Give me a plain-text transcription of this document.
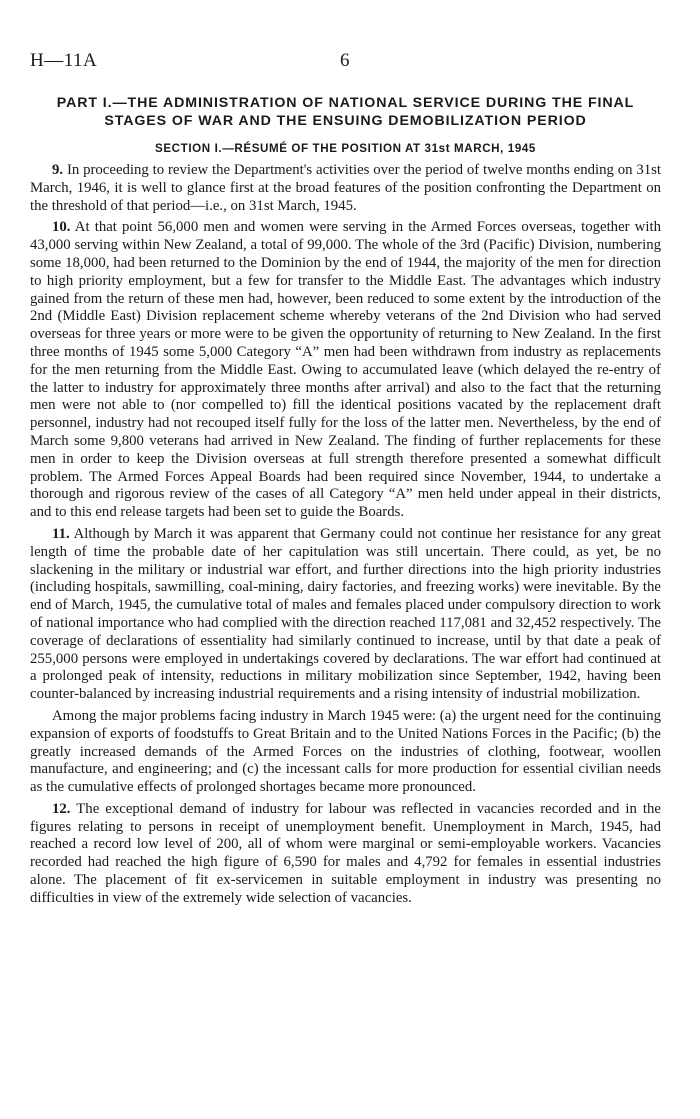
H—11A	6
PART I.—THE ADMINISTRATION OF NATIONAL SERVICE DURING THE FINAL STAGES OF WAR AND THE ENSUING DEMOBILIZATION PERIOD
SECTION I.—RÉSUMÉ OF THE POSITION AT 31st MARCH, 1945

9. In proceeding to review the Department's activities over the period of twelve months ending on 31st March, 1946, it is well to glance first at the broad features of the position confronting the Department on the threshold of that period—i.e., on 31st March, 1945.

10. At that point 56,000 men and women were serving in the Armed Forces overseas, together with 43,000 serving within New Zealand, a total of 99,000. The whole of the 3rd (Pacific) Division, numbering some 18,000, had been returned to the Dominion by the end of 1944, the majority of the men for direction to high priority employment, but a few for transfer to the Middle East. The advantages which industry gained from the return of these men had, however, been reduced to some extent by the introduction of the 2nd (Middle East) Division replacement scheme whereby veterans of the 2nd Division who had served overseas for three years or more were to be given the opportunity of returning to New Zealand. In the first three months of 1945 some 5,000 Category “A” men had been withdrawn from industry as replacements for the men returning from the Middle East. Owing to accumulated leave (which delayed the re-entry of the latter to industry for approximately three months after arrival) and also to the fact that the returning men were not able to (nor compelled to) fill the identical positions vacated by the replacement draft personnel, industry had not recouped itself fully for the loss of the latter men. Nevertheless, by the end of March some 9,800 veterans had arrived in New Zealand. The finding of further replacements for these men in order to keep the Division overseas at full strength therefore presented a somewhat difficult problem. The Armed Forces Appeal Boards had been required since November, 1944, to undertake a thorough and rigorous review of the cases of all Category “A” men held under appeal in their districts, and to this end release targets had been set to guide the Boards.

11. Although by March it was apparent that Germany could not continue her resistance for any great length of time the probable date of her capitulation was still uncertain. There could, as yet, be no slackening in the military or industrial war effort, and further directions into the high priority industries (including hospitals, sawmilling, coal-mining, dairy factories, and freezing works) were inevitable. By the end of March, 1945, the cumulative total of males and females placed under compulsory direction to work of national importance who had complied with the direction reached 117,081 and 32,452 respectively. The coverage of declarations of essentiality had similarly continued to increase, until by that date a peak of 255,000 persons were employed in undertakings covered by declarations. The war effort had continued at a prolonged peak of intensity, reductions in military mobilization since September, 1942, having been counter-balanced by increasing industrial requirements and a rising intensity of industrial mobilization.

Among the major problems facing industry in March 1945 were: (a) the urgent need for the continuing expansion of exports of foodstuffs to Great Britain and to the United Nations Forces in the Pacific; (b) the greatly increased demands of the Armed Forces on the industries of clothing, footwear, woollen manufacture, and engineering; and (c) the incessant calls for more production for essential civilian needs as the cumulative effects of prolonged shortages became more pronounced.

12. The exceptional demand of industry for labour was reflected in vacancies recorded and in the figures relating to persons in receipt of unemployment benefit. Unemployment in March, 1945, had reached a record low level of 200, all of whom were marginal or semi-employable workers. Vacancies recorded had reached the high figure of 6,590 for males and 4,792 for females in essential industries alone. The placement of fit ex-servicemen in suitable employment in industry was presenting no difficulties in view of the extremely wide selection of vacancies.
